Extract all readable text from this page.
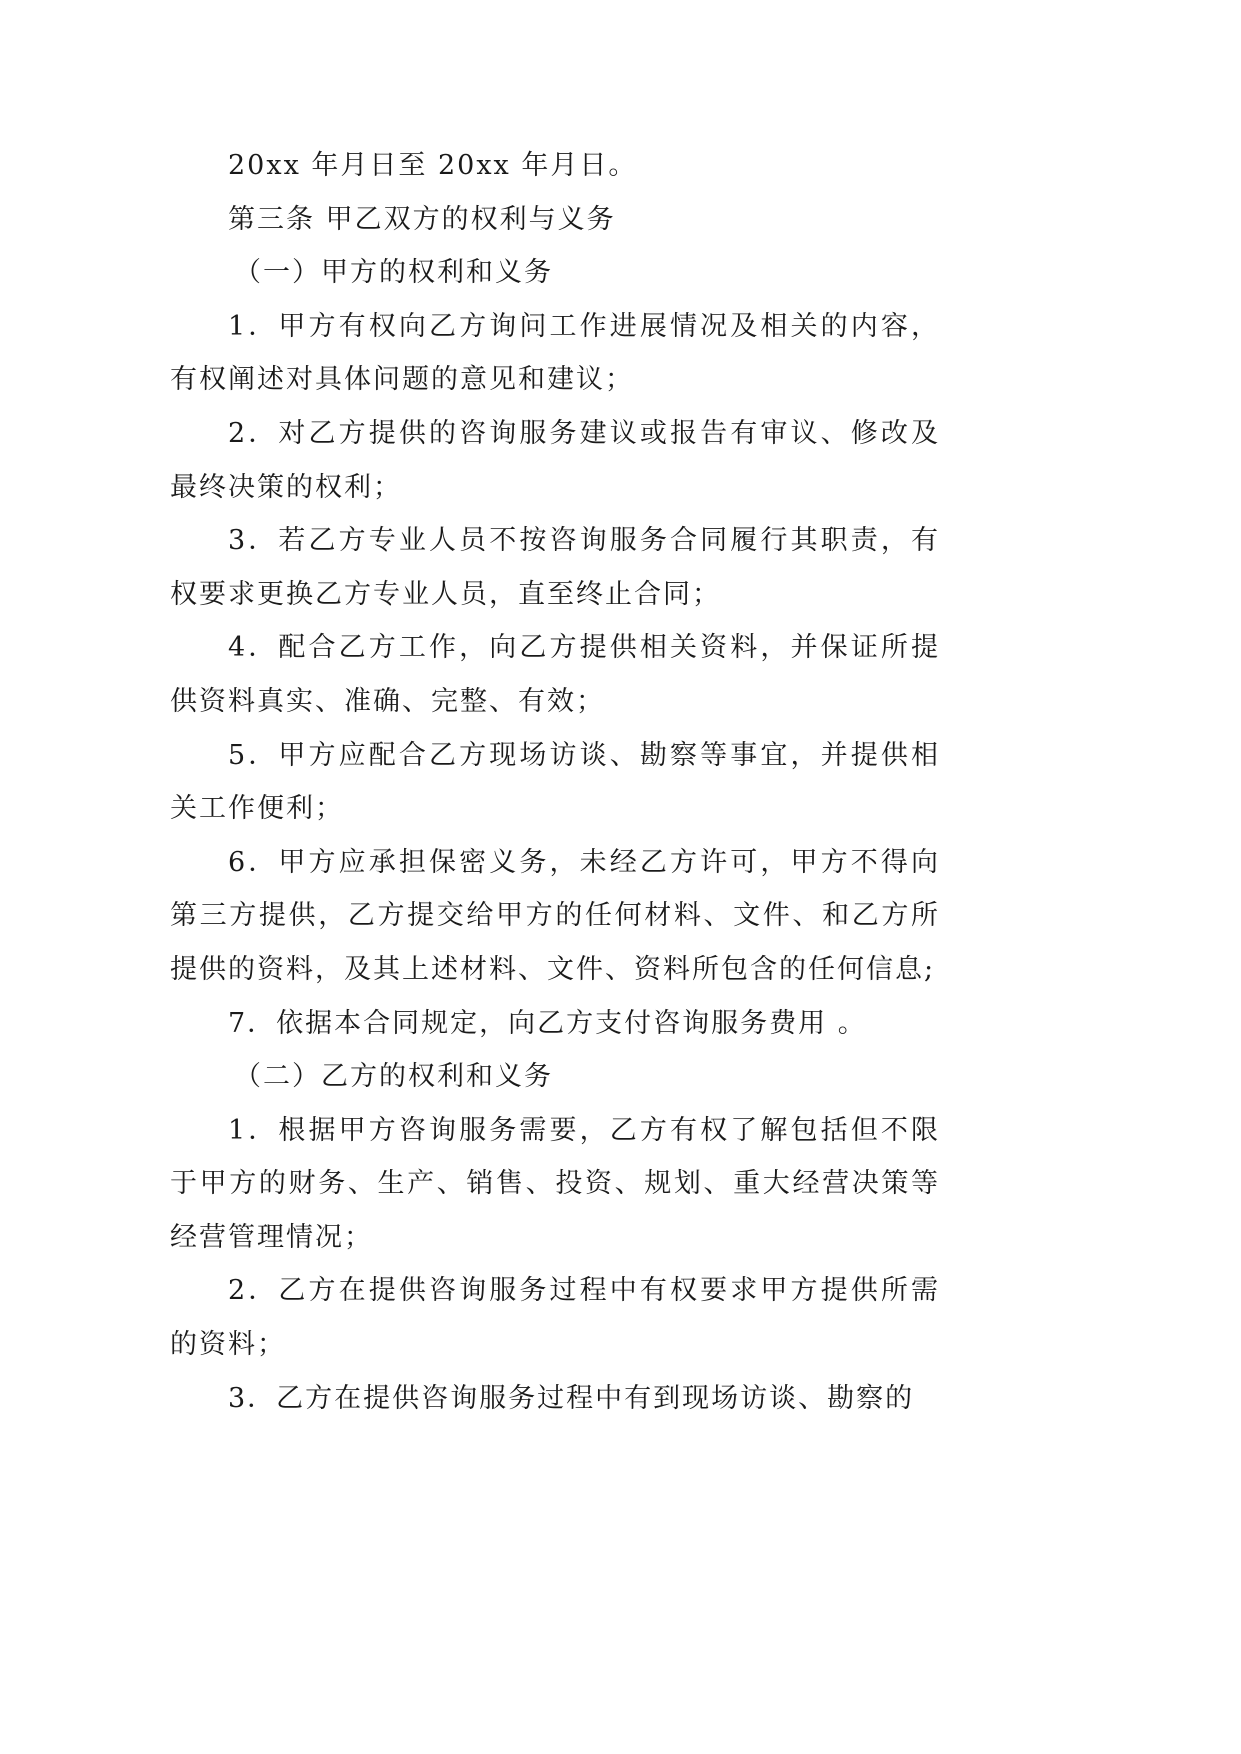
20xx 年月日至 20xx 年月日。

第三条 甲乙双方的权利与义务

（一）甲方的权利和义务

1．甲方有权向乙方询问工作进展情况及相关的内容，有权阐述对具体问题的意见和建议；

2．对乙方提供的咨询服务建议或报告有审议、修改及最终决策的权利；

3．若乙方专业人员不按咨询服务合同履行其职责，有权要求更换乙方专业人员，直至终止合同；

4．配合乙方工作，向乙方提供相关资料，并保证所提供资料真实、准确、完整、有效；

5．甲方应配合乙方现场访谈、勘察等事宜，并提供相关工作便利；

6．甲方应承担保密义务，未经乙方许可，甲方不得向第三方提供，乙方提交给甲方的任何材料、文件、和乙方所提供的资料，及其上述材料、文件、资料所包含的任何信息;

7．依据本合同规定，向乙方支付咨询服务费用 。

（二）乙方的权利和义务

1．根据甲方咨询服务需要，乙方有权了解包括但不限于甲方的财务、生产、销售、投资、规划、重大经营决策等经营管理情况；

2．乙方在提供咨询服务过程中有权要求甲方提供所需的资料；

3．乙方在提供咨询服务过程中有到现场访谈、勘察的
